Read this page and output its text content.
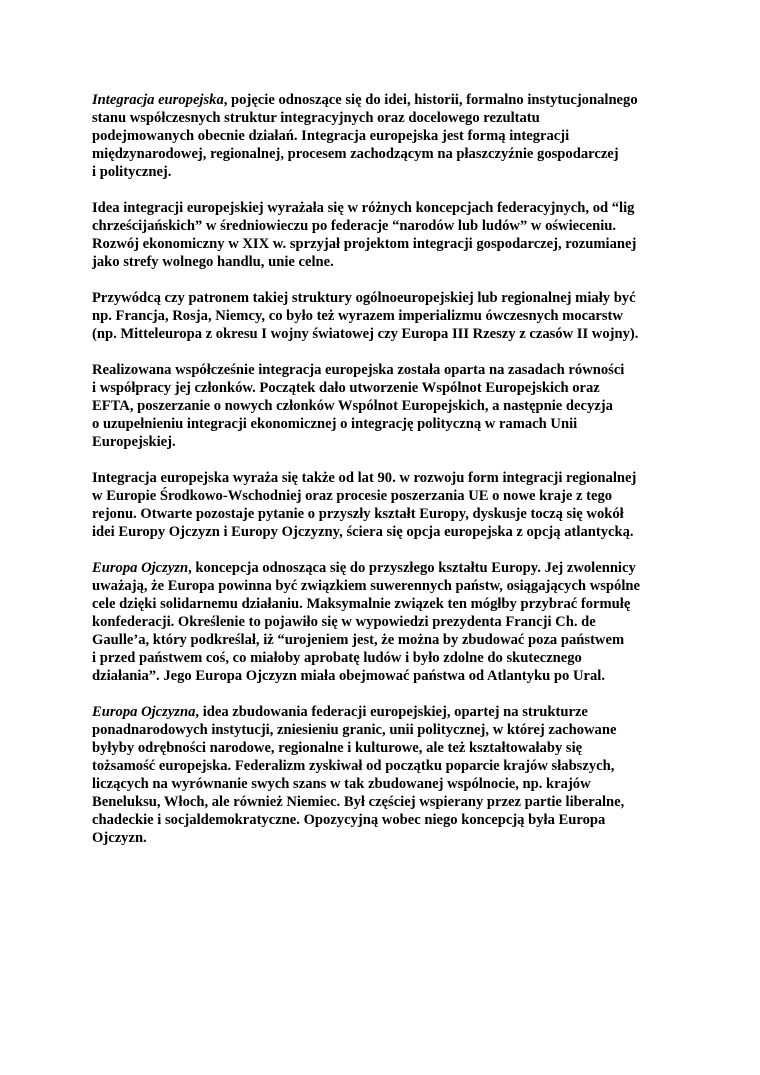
Integracja europejska, pojęcie odnoszące się do idei, historii, formalno instytucjonalnego
stanu współczesnych struktur integracyjnych oraz docelowego rezultatu
podejmowanych obecnie działań. Integracja europejska jest formą integracji
międzynarodowej, regionalnej, procesem zachodzącym na płaszczyźnie gospodarczej
i politycznej.

Idea integracji europejskiej wyrażała się w różnych koncepcjach federacyjnych, od “lig
chrześcijańskich” w średniowieczu po federacje “narodów lub ludów” w oświeceniu.
Rozwój ekonomiczny w XIX w. sprzyjał projektom integracji gospodarczej, rozumianej
jako strefy wolnego handlu, unie celne.

Przywódcą czy patronem takiej struktury ogólnoeuropejskiej lub regionalnej miały być
np. Francja, Rosja, Niemcy, co było też wyrazem imperializmu ówczesnych mocarstw
(np. Mitteleuropa z okresu I wojny światowej czy Europa III Rzeszy z czasów II wojny).

Realizowana współcześnie integracja europejska została oparta na zasadach równości
i współpracy jej członków. Początek dało utworzenie Wspólnot Europejskich oraz
EFTA, poszerzanie o nowych członków Wspólnot Europejskich, a następnie decyzja
o uzupełnieniu integracji ekonomicznej o integrację polityczną w ramach Unii
Europejskiej.

Integracja europejska wyraża się także od lat 90. w rozwoju form integracji regionalnej
w Europie Środkowo-Wschodniej oraz procesie poszerzania UE o nowe kraje z tego
rejonu. Otwarte pozostaje pytanie o przyszły kształt Europy, dyskusje toczą się wokół
idei Europy Ojczyzn i Europy Ojczyzny, ściera się opcja europejska z opcją atlantycką.

Europa Ojczyzn, koncepcja odnosząca się do przyszłego kształtu Europy. Jej zwolennicy
uważają, że Europa powinna być związkiem suwerennych państw, osiągających wspólne
cele dzięki solidarnemu działaniu. Maksymalnie związek ten mógłby przybrać formułę
konfederacji. Określenie to pojawiło się w wypowiedzi prezydenta Francji Ch. de
Gaulle’a, który podkreślał, iż “urojeniem jest, że można by zbudować poza państwem
i przed państwem coś, co miałoby aprobatę ludów i było zdolne do skutecznego
działania”. Jego Europa Ojczyzn miała obejmować państwa od Atlantyku po Ural.

Europa Ojczyzna, idea zbudowania federacji europejskiej, opartej na strukturze
ponadnarodowych instytucji, zniesieniu granic, unii politycznej, w której zachowane
byłyby odrębności narodowe, regionalne i kulturowe, ale też kształtowałaby się
tożsamość europejska. Federalizm zyskiwał od początku poparcie krajów słabszych,
liczących na wyrównanie swych szans w tak zbudowanej wspólnocie, np. krajów
Beneluksu, Włoch, ale również Niemiec. Był częściej wspierany przez partie liberalne,
chadeckie i socjaldemokratyczne. Opozycyjną wobec niego koncepcją była Europa
Ojczyzn.
